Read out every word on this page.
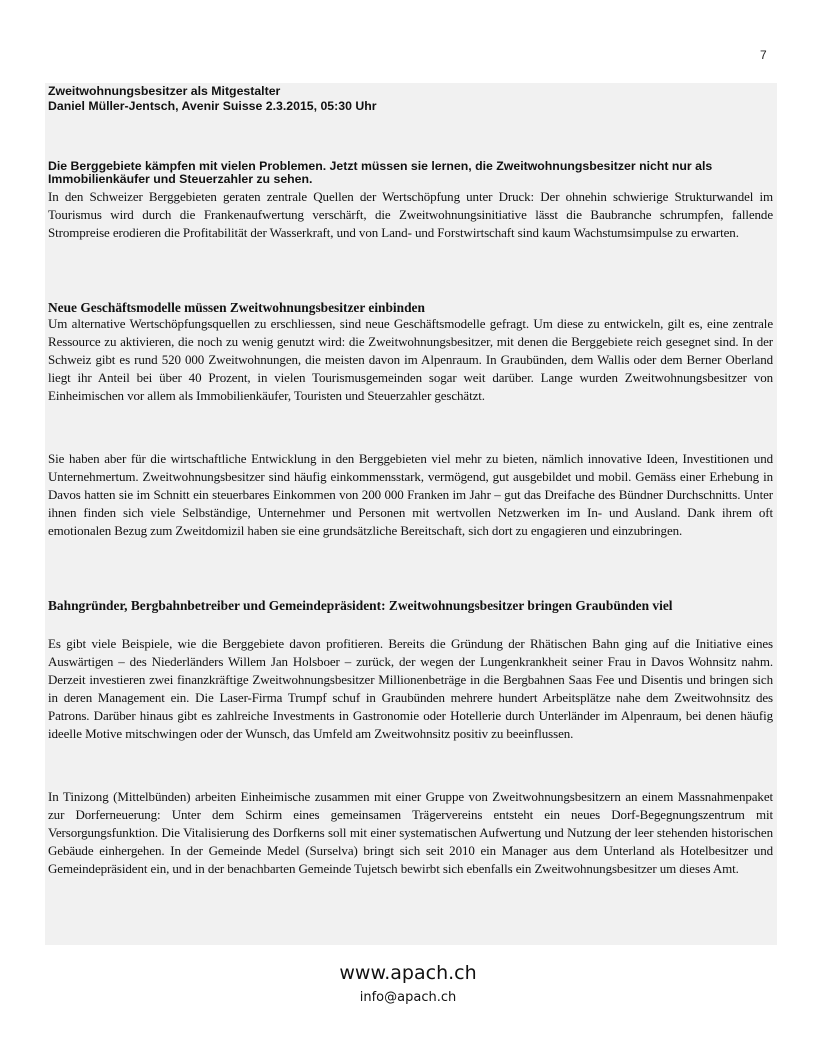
7

Zweitwohnungsbesitzer als Mitgestalter

Daniel Müller-Jentsch, Avenir Suisse 2.3.2015, 05:30 Uhr

Die Berggebiete kämpfen mit vielen Problemen. Jetzt müssen sie lernen, die Zweitwohnungsbesitzer nicht nur als Immobilienkäufer und Steuerzahler zu sehen.

In den Schweizer Berggebieten geraten zentrale Quellen der Wertschöpfung unter Druck: Der ohnehin schwierige Strukturwandel im Tourismus wird durch die Frankenaufwertung verschärft, die Zweitwohnungsinitiative lässt die Baubranche schrumpfen, fallende Strompreise erodieren die Profitabilität der Wasserkraft, und von Land- und Forstwirtschaft sind kaum Wachstumsimpulse zu erwarten.

Neue Geschäftsmodelle müssen Zweitwohnungsbesitzer einbinden

Um alternative Wertschöpfungsquellen zu erschliessen, sind neue Geschäftsmodelle gefragt. Um diese zu entwickeln, gilt es, eine zentrale Ressource zu aktivieren, die noch zu wenig genutzt wird: die Zweitwohnungsbesitzer, mit denen die Berggebiete reich gesegnet sind. In der Schweiz gibt es rund 520 000 Zweitwohnungen, die meisten davon im Alpenraum. In Graubünden, dem Wallis oder dem Berner Oberland liegt ihr Anteil bei über 40 Prozent, in vielen Tourismusgemeinden sogar weit darüber. Lange wurden Zweitwohnungsbesitzer von Einheimischen vor allem als Immobilienkäufer, Touristen und Steuerzahler geschätzt.

Sie haben aber für die wirtschaftliche Entwicklung in den Berggebieten viel mehr zu bieten, nämlich innovative Ideen, Investitionen und Unternehmertum. Zweitwohnungsbesitzer sind häufig einkommensstark, vermögend, gut ausgebildet und mobil. Gemäss einer Erhebung in Davos hatten sie im Schnitt ein steuerbares Einkommen von 200 000 Franken im Jahr – gut das Dreifache des Bündner Durchschnitts. Unter ihnen finden sich viele Selbständige, Unternehmer und Personen mit wertvollen Netzwerken im In- und Ausland. Dank ihrem oft emotionalen Bezug zum Zweitdomizil haben sie eine grundsätzliche Bereitschaft, sich dort zu engagieren und einzubringen.

Bahngründer, Bergbahnbetreiber und Gemeindepräsident: Zweitwohnungsbesitzer bringen Graubünden viel

Es gibt viele Beispiele, wie die Berggebiete davon profitieren. Bereits die Gründung der Rhätischen Bahn ging auf die Initiative eines Auswärtigen – des Niederländers Willem Jan Holsboer – zurück, der wegen der Lungenkrankheit seiner Frau in Davos Wohnsitz nahm. Derzeit investieren zwei finanzkräftige Zweitwohnungsbesitzer Millionenbeträge in die Bergbahnen Saas Fee und Disentis und bringen sich in deren Management ein. Die Laser-Firma Trumpf schuf in Graubünden mehrere hundert Arbeitsplätze nahe dem Zweitwohnsitz des Patrons. Darüber hinaus gibt es zahlreiche Investments in Gastronomie oder Hotellerie durch Unterländer im Alpenraum, bei denen häufig ideelle Motive mitschwingen oder der Wunsch, das Umfeld am Zweitwohnsitz positiv zu beeinflussen.

In Tinizong (Mittelbünden) arbeiten Einheimische zusammen mit einer Gruppe von Zweitwohnungsbesitzern an einem Massnahmenpaket zur Dorferneuerung: Unter dem Schirm eines gemeinsamen Trägervereins entsteht ein neues Dorf-Begegnungszentrum mit Versorgungsfunktion. Die Vitalisierung des Dorfkerns soll mit einer systematischen Aufwertung und Nutzung der leer stehenden historischen Gebäude einhergehen. In der Gemeinde Medel (Surselva) bringt sich seit 2010 ein Manager aus dem Unterland als Hotelbesitzer und Gemeindepräsident ein, und in der benachbarten Gemeinde Tujetsch bewirbt sich ebenfalls ein Zweitwohnungsbesitzer um dieses Amt.

www.apach.ch
info@apach.ch
